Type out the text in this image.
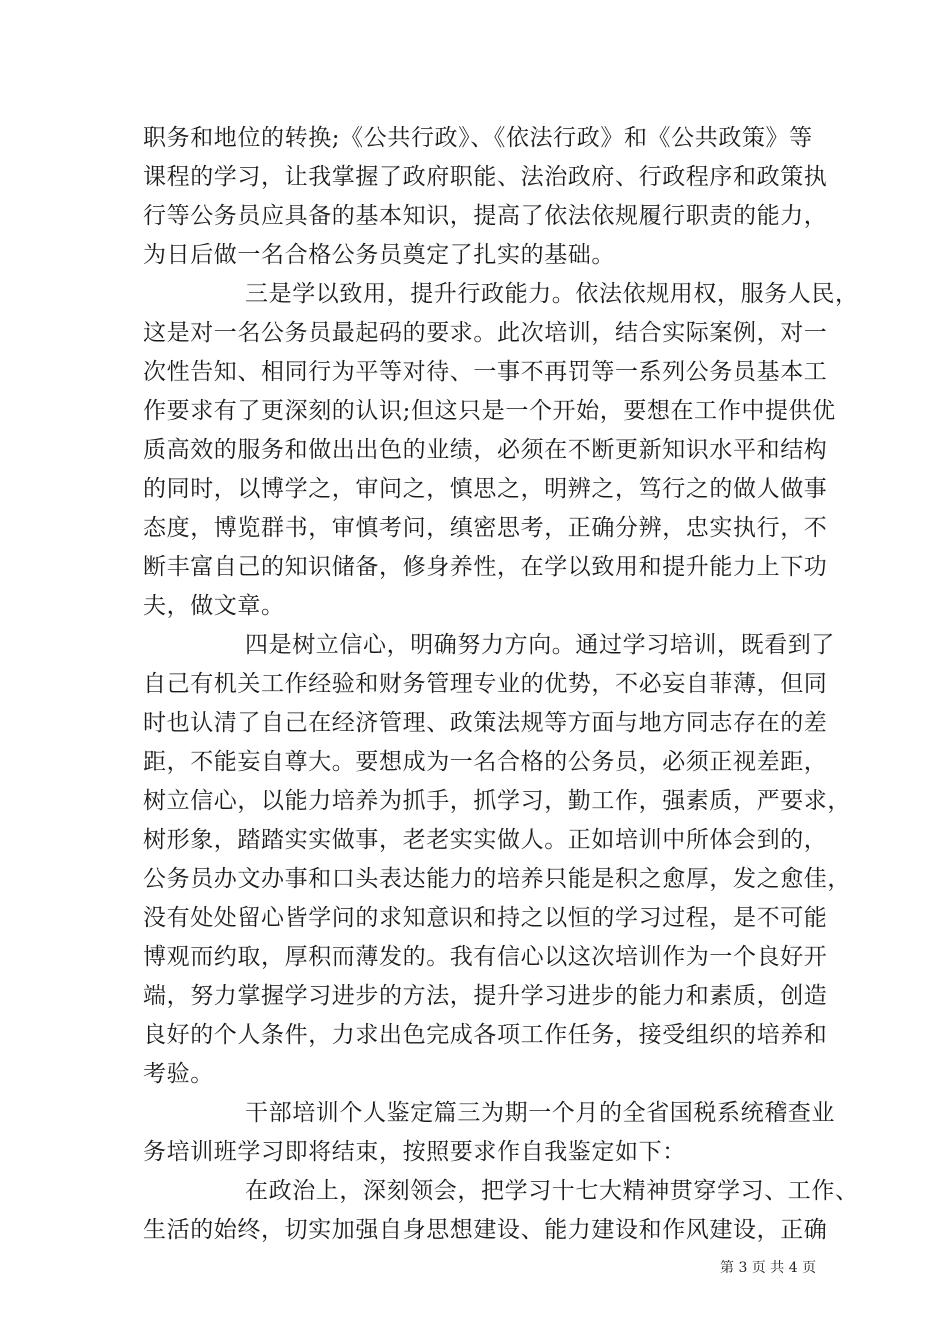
职务和地位的转换;《公共行政》、《依法行政》和《公共政策》等
课程的学习，让我掌握了政府职能、法治政府、行政程序和政策执
行等公务员应具备的基本知识，提高了依法依规履行职责的能力，
为日后做一名合格公务员奠定了扎实的基础。
三是学以致用，提升行政能力。依法依规用权，服务人民，
这是对一名公务员最起码的要求。此次培训，结合实际案例，对一
次性告知、相同行为平等对待、一事不再罚等一系列公务员基本工
作要求有了更深刻的认识;但这只是一个开始，要想在工作中提供优
质高效的服务和做出出色的业绩，必须在不断更新知识水平和结构
的同时，以博学之，审问之，慎思之，明辨之，笃行之的做人做事
态度，博览群书，审慎考问，缜密思考，正确分辨，忠实执行，不
断丰富自己的知识储备，修身养性，在学以致用和提升能力上下功
夫，做文章。
四是树立信心，明确努力方向。通过学习培训，既看到了
自己有机关工作经验和财务管理专业的优势，不必妄自菲薄，但同
时也认清了自己在经济管理、政策法规等方面与地方同志存在的差
距，不能妄自尊大。要想成为一名合格的公务员，必须正视差距，
树立信心，以能力培养为抓手，抓学习，勤工作，强素质，严要求，
树形象，踏踏实实做事，老老实实做人。正如培训中所体会到的，
公务员办文办事和口头表达能力的培养只能是积之愈厚，发之愈佳，
没有处处留心皆学问的求知意识和持之以恒的学习过程，是不可能
博观而约取，厚积而薄发的。我有信心以这次培训作为一个良好开
端，努力掌握学习进步的方法，提升学习进步的能力和素质，创造
良好的个人条件，力求出色完成各项工作任务，接受组织的培养和
考验。
干部培训个人鉴定篇三为期一个月的全省国税系统稽查业
务培训班学习即将结束，按照要求作自我鉴定如下：
在政治上，深刻领会，把学习十七大精神贯穿学习、工作、
生活的始终，切实加强自身思想建设、能力建设和作风建设，正确
第 3 页 共 4 页
